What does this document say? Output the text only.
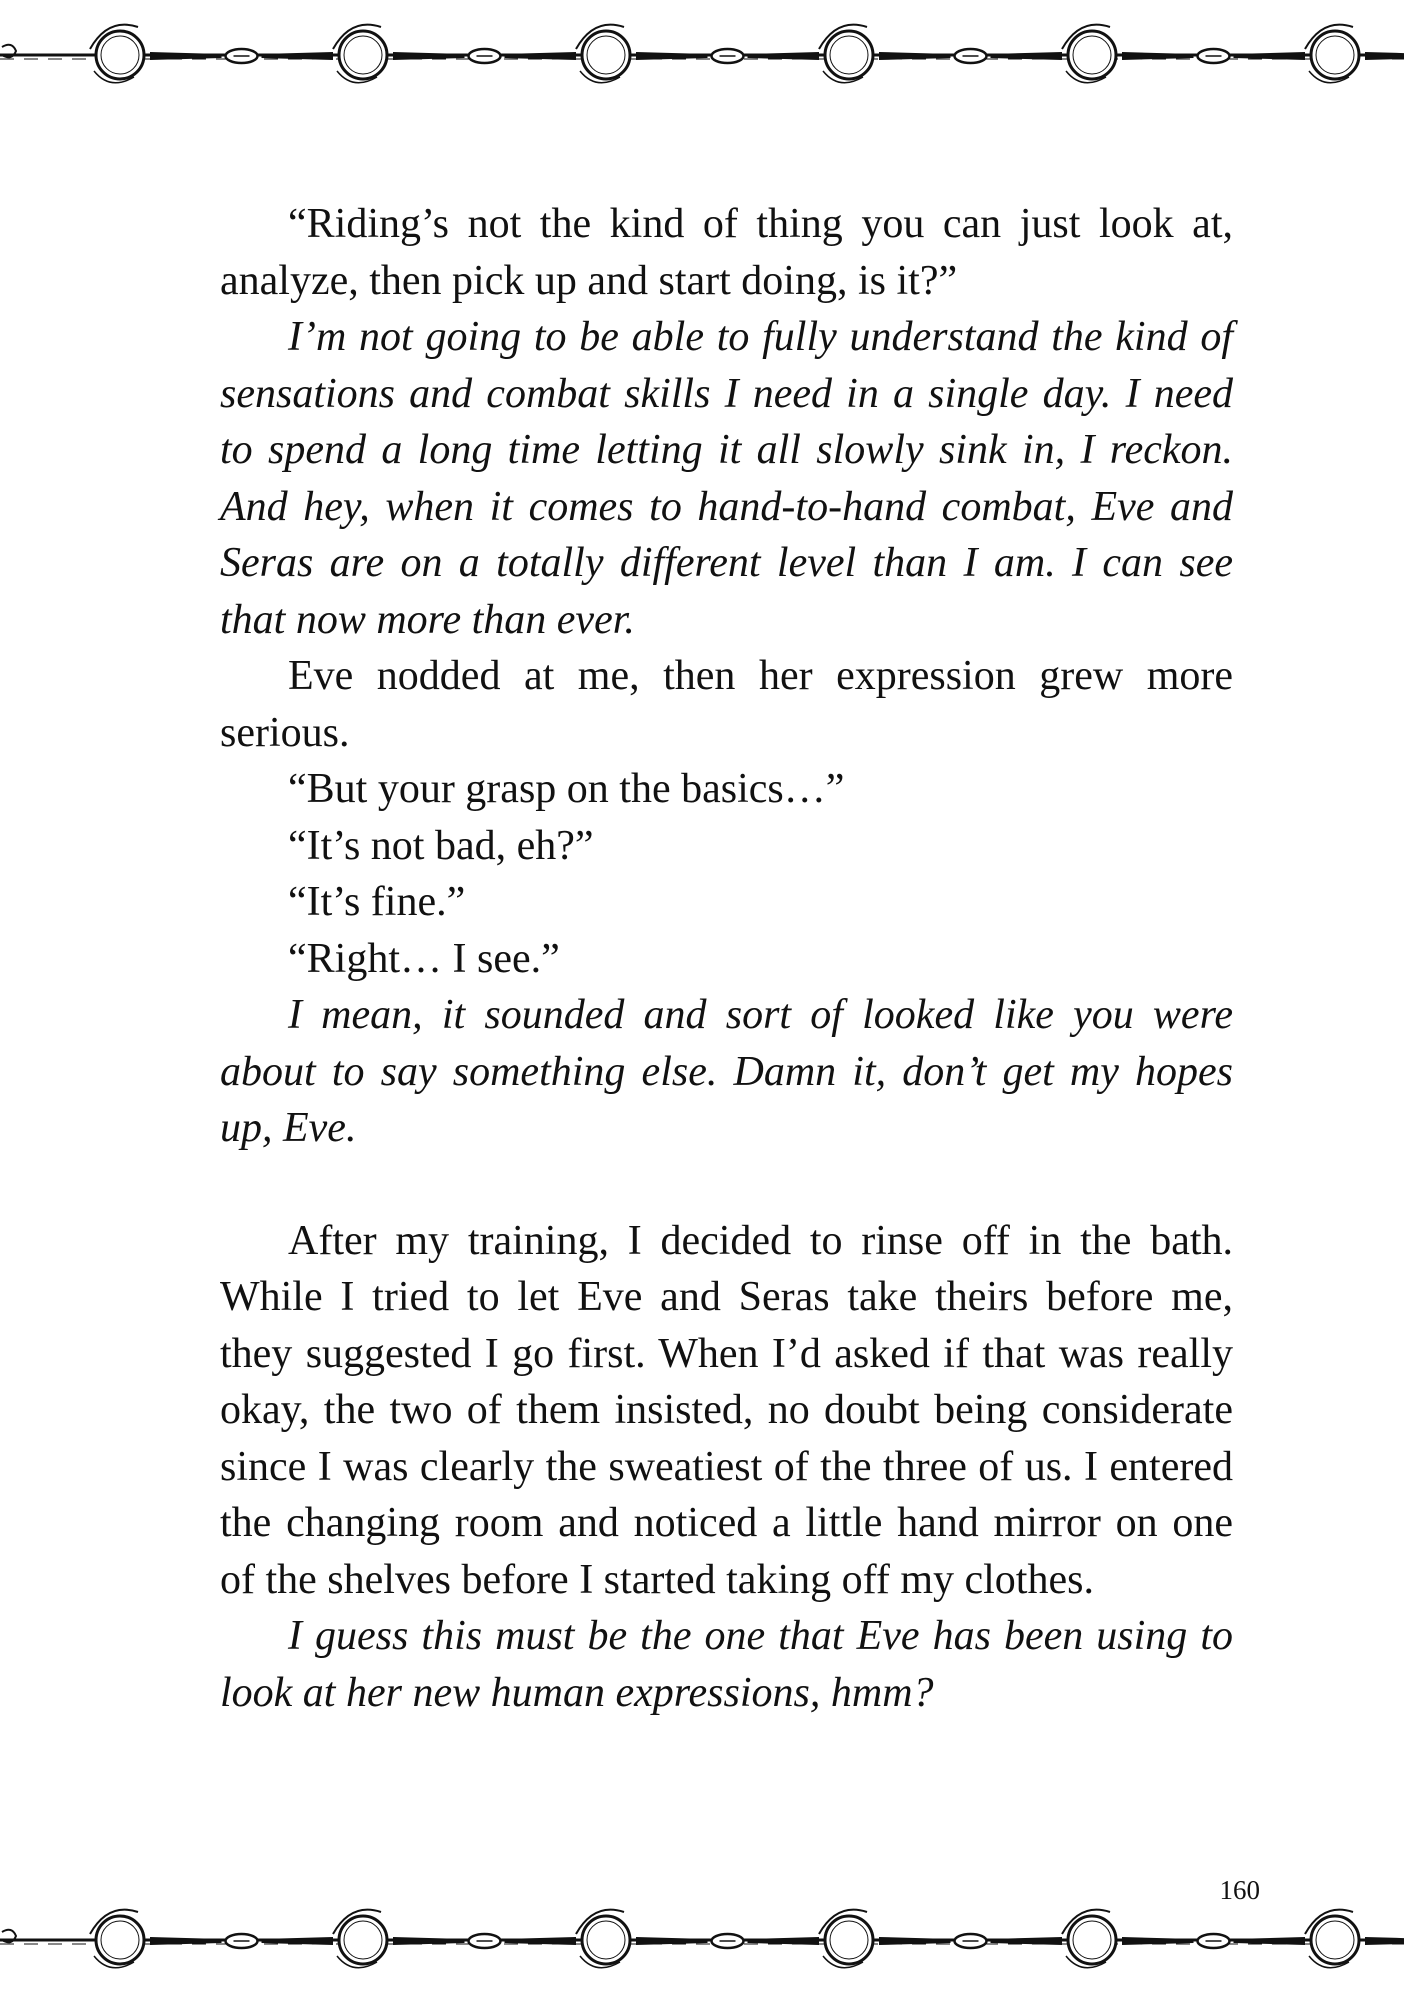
“Riding’s not the kind of thing you can just look at, analyze, then pick up and start doing, is it?”

I’m not going to be able to fully understand the kind of sensations and combat skills I need in a single day. I need to spend a long time letting it all slowly sink in, I reckon. And hey, when it comes to hand-to-hand combat, Eve and Seras are on a totally different level than I am. I can see that now more than ever.

Eve nodded at me, then her expression grew more serious.

“But your grasp on the basics…”

“It’s not bad, eh?”

“It’s fine.”

“Right… I see.”

I mean, it sounded and sort of looked like you were about to say something else. Damn it, don’t get my hopes up, Eve.

After my training, I decided to rinse off in the bath. While I tried to let Eve and Seras take theirs before me, they suggested I go first. When I’d asked if that was really okay, the two of them insisted, no doubt being considerate since I was clearly the sweatiest of the three of us. I entered the changing room and noticed a little hand mirror on one of the shelves before I started taking off my clothes.

I guess this must be the one that Eve has been using to look at her new human expressions, hmm?

160
